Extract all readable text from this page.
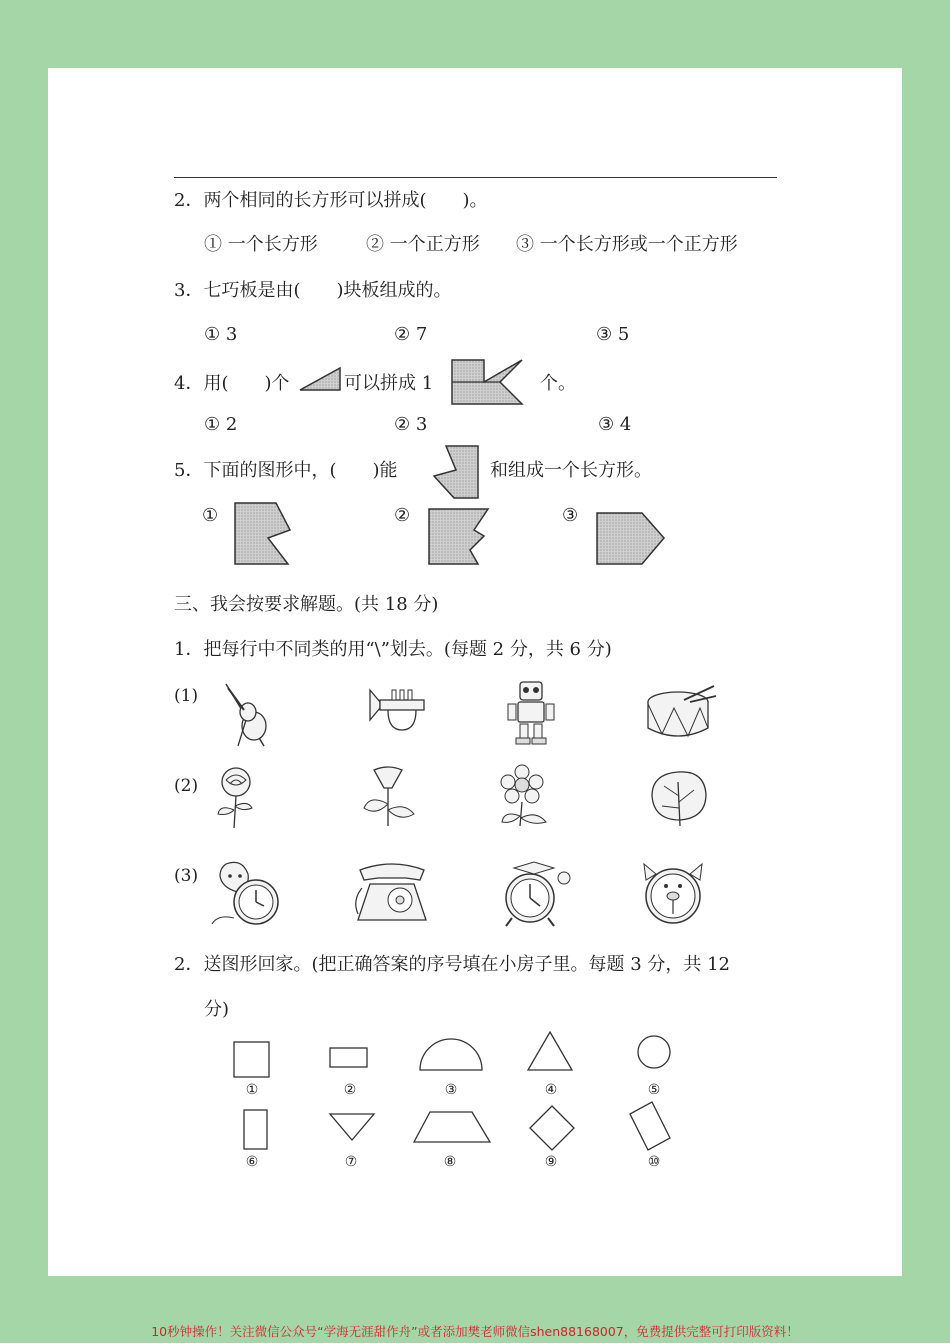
2．两个相同的长方形可以拼成(　　)。
① 一个长方形	② 一个正方形 ③ 一个长方形或一个正方形
3．七巧板是由(　　)块板组成的。
① 3	② 7	③ 5
4．用(　　)个	可以拼成 1	个。
① 2	② 3	③ 4
5．下面的图形中，(　　)能	和组成一个长方形。
①	②	③
三、我会按要求解题。(共 18 分)
1．把每行中不同类的用“\”划去。(每题 2 分，共 6 分)
(1)
(2)
(3)
2．送图形回家。(把正确答案的序号填在小房子里。每题 3 分，共 12
分)
①	②	③	④	⑤
⑥	⑦	⑧	⑨	⑩
10秒钟操作！关注微信公众号“学海无涯甜作舟”或者添加樊老师微信shen88168007，免费提供完整可打印版资料！
